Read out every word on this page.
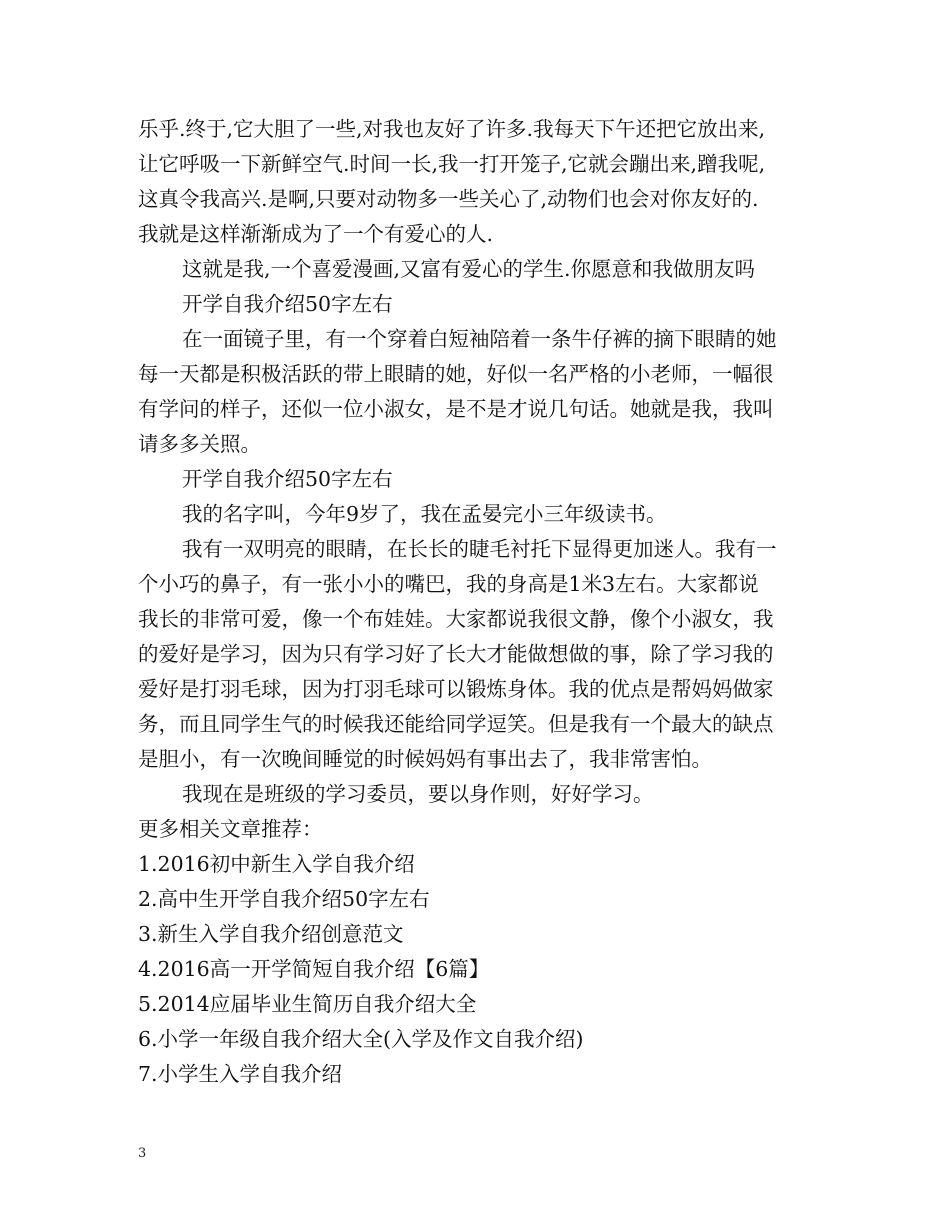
乐乎.终于,它大胆了一些,对我也友好了许多.我每天下午还把它放出来,
让它呼吸一下新鲜空气.时间一长,我一打开笼子,它就会蹦出来,蹭我呢,
这真令我高兴.是啊,只要对动物多一些关心了,动物们也会对你友好的.
我就是这样渐渐成为了一个有爱心的人.
这就是我,一个喜爱漫画,又富有爱心的学生.你愿意和我做朋友吗
开学自我介绍50字左右
在一面镜子里，有一个穿着白短袖陪着一条牛仔裤的摘下眼睛的她
每一天都是积极活跃的带上眼睛的她，好似一名严格的小老师，一幅很
有学问的样子，还似一位小淑女，是不是才说几句话。她就是我，我叫
请多多关照。
开学自我介绍50字左右
我的名字叫，今年9岁了，我在孟晏完小三年级读书。
我有一双明亮的眼睛，在长长的睫毛衬托下显得更加迷人。我有一
个小巧的鼻子，有一张小小的嘴巴，我的身高是1米3左右。大家都说
我长的非常可爱，像一个布娃娃。大家都说我很文静，像个小淑女，我
的爱好是学习，因为只有学习好了长大才能做想做的事，除了学习我的
爱好是打羽毛球，因为打羽毛球可以锻炼身体。我的优点是帮妈妈做家
务，而且同学生气的时候我还能给同学逗笑。但是我有一个最大的缺点
是胆小，有一次晚间睡觉的时候妈妈有事出去了，我非常害怕。
我现在是班级的学习委员，要以身作则，好好学习。
更多相关文章推荐：
1.2016初中新生入学自我介绍
2.高中生开学自我介绍50字左右
3.新生入学自我介绍创意范文
4.2016高一开学简短自我介绍【6篇】
5.2014应届毕业生简历自我介绍大全
6.小学一年级自我介绍大全(入学及作文自我介绍)
7.小学生入学自我介绍
3
